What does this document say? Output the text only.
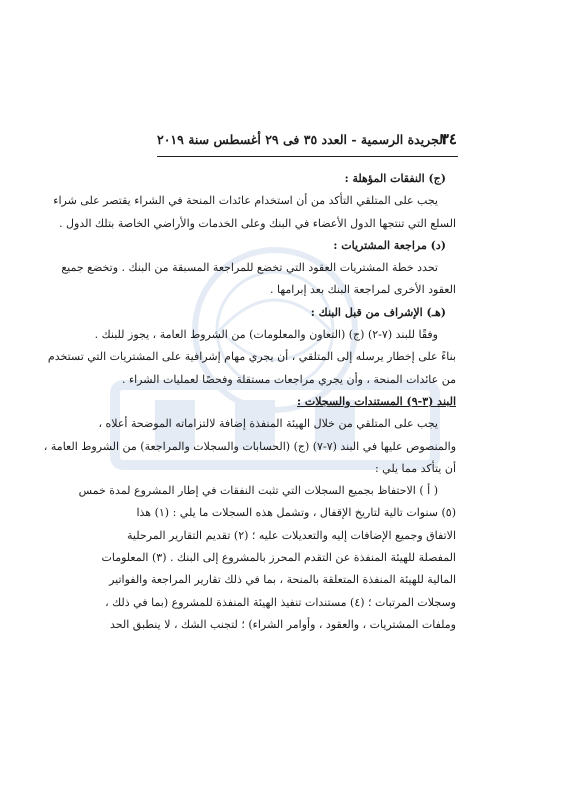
٣٤
الجريدة الرسمية - العدد ٣٥ فى ٢٩ أغسطس سنة ٢٠١٩
(ج) النفقات المؤهلة :
يجب على المتلقي التأكد من أن استخدام عائدات المنحة في الشراء يقتصر على شراء
السلع التي تنتجها الدول الأعضاء في البنك وعلى الخدمات والأراضي الخاصة بتلك الدول .
(د) مراجعة المشتريات :
تحدد خطة المشتريات العقود التي تخضع للمراجعة المسبقة من البنك . وتخضع جميع
العقود الأخرى لمراجعة البنك بعد إبرامها .
(هـ) الإشراف من قبل البنك :
وفقًا للبند (٧-٢) (ج) (التعاون والمعلومات) من الشروط العامة ، يجوز للبنك .
بناءً على إخطار يرسله إلى المتلقي ، أن يجري مهام إشرافية على المشتريات التي تستخدم
من عائدات المنحة ، وأن يجري مراجعات مستقلة وفحصًا لعمليات الشراء .
البند (٣-٩) المستندات والسجلات :
يجب على المتلقي من خلال الهيئة المنفذة إضافة لالتزاماته الموضحة أعلاه ،
والمنصوص عليها في البند (٧-٧) (ج) (الحسابات والسجلات والمراجعة) من الشروط العامة ،
أن يتأكد مما يلي :
( أ ) الاحتفاظ بجميع السجلات التي تثبت النفقات في إطار المشروع لمدة خمس
(٥) سنوات تالية لتاريخ الإقفال ، وتشمل هذه السجلات ما يلي : (١) هذا
الاتفاق وجميع الإضافات إليه والتعديلات عليه ؛ (٢) تقديم التقارير المرحلية
المفصلة للهيئة المنفذة عن التقدم المحرز بالمشروع إلى البنك . (٣) المعلومات
المالية للهيئة المنفذة المتعلقة بالمنحة ، بما في ذلك تقارير المراجعة والفواتير
وسجلات المرتبات ؛ (٤) مستندات تنفيذ الهيئة المنفذة للمشروع (بما في ذلك ،
وملفات المشتريات ، والعقود ، وأوامر الشراء) ؛ لتجنب الشك ، لا ينطبق الحد
